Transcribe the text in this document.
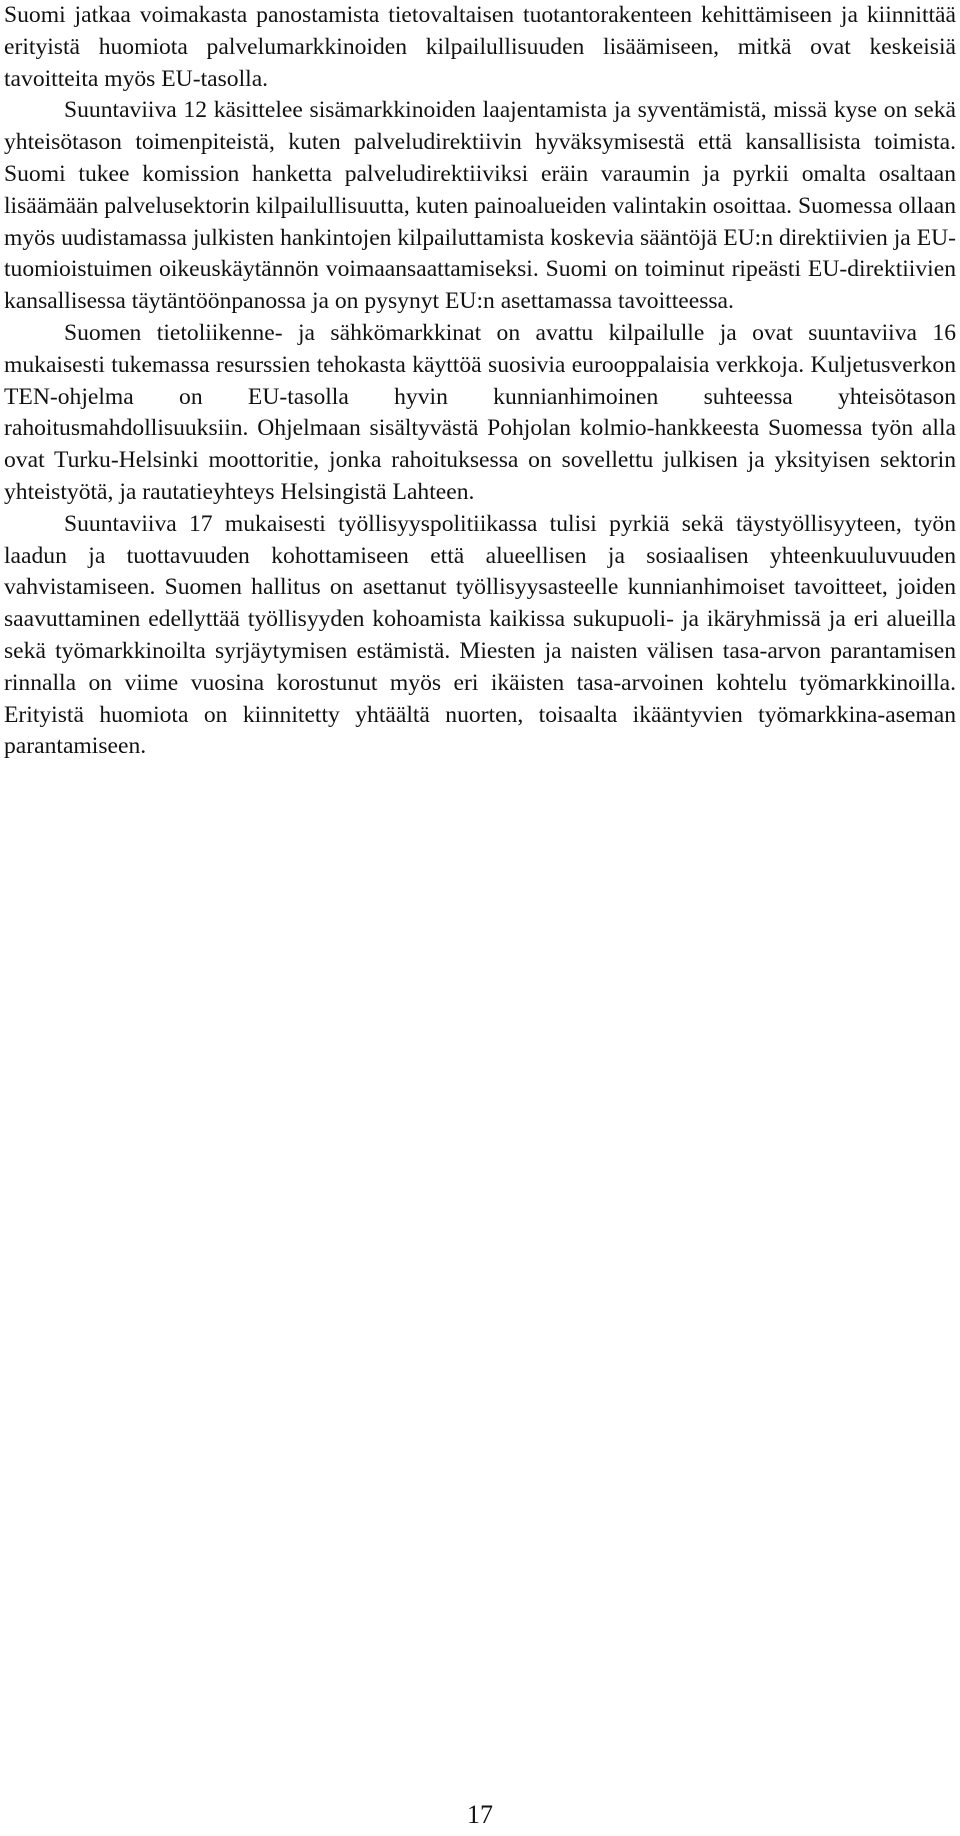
Suomi jatkaa voimakasta panostamista tietovaltaisen tuotantorakenteen kehittämiseen ja kiinnittää erityistä huomiota palvelumarkkinoiden kilpailullisuuden lisäämiseen, mitkä ovat keskeisiä tavoitteita myös EU-tasolla.

Suuntaviiva 12 käsittelee sisämarkkinoiden laajentamista ja syventämistä, missä kyse on sekä yhteisötason toimenpiteistä, kuten palveludirektiivin hyväksymisestä että kansallisista toimista. Suomi tukee komission hanketta palveludirektiiviksi eräin varaumin ja pyrkii omalta osaltaan lisäämään palvelusektorin kilpailullisuutta, kuten painoalueiden valintakin osoittaa. Suomessa ollaan myös uudistamassa julkisten hankintojen kilpailuttamista koskevia sääntöjä EU:n direktiivien ja EU-tuomioistuimen oikeuskäytännön voimaansaattamiseksi. Suomi on toiminut ripeästi EU-direktiivien kansallisessa täytäntöönpanossa ja on pysynyt EU:n asettamassa tavoitteessa.

Suomen tietoliikenne- ja sähkömarkkinat on avattu kilpailulle ja ovat suuntaviiva 16 mukaisesti tukemassa resurssien tehokasta käyttöä suosivia eurooppalaisia verkkoja. Kuljetusverkon TEN-ohjelma on EU-tasolla hyvin kunnianhimoinen suhteessa yhteisötason rahoitusmahdollisuuksiin. Ohjelmaan sisältyvästä Pohjolan kolmio-hankkeesta Suomessa työn alla ovat Turku-Helsinki moottoritie, jonka rahoituksessa on sovellettu julkisen ja yksityisen sektorin yhteistyötä, ja rautatieyhteys Helsingistä Lahteen.

Suuntaviiva 17 mukaisesti työllisyyspolitiikassa tulisi pyrkiä sekä täystyöllisyyteen, työn laadun ja tuottavuuden kohottamiseen että alueellisen ja sosiaalisen yhteenkuuluvuuden vahvistamiseen. Suomen hallitus on asettanut työllisyysasteelle kunnianhimoiset tavoitteet, joiden saavuttaminen edellyttää työllisyyden kohoamista kaikissa sukupuoli- ja ikäryhmissä ja eri alueilla sekä työmarkkinoilta syrjäytymisen estämistä. Miesten ja naisten välisen tasa-arvon parantamisen rinnalla on viime vuosina korostunut myös eri ikäisten tasa-arvoinen kohtelu työmarkkinoilla. Erityistä huomiota on kiinnitetty yhtäältä nuorten, toisaalta ikääntyvien työmarkkina-aseman parantamiseen.

17
